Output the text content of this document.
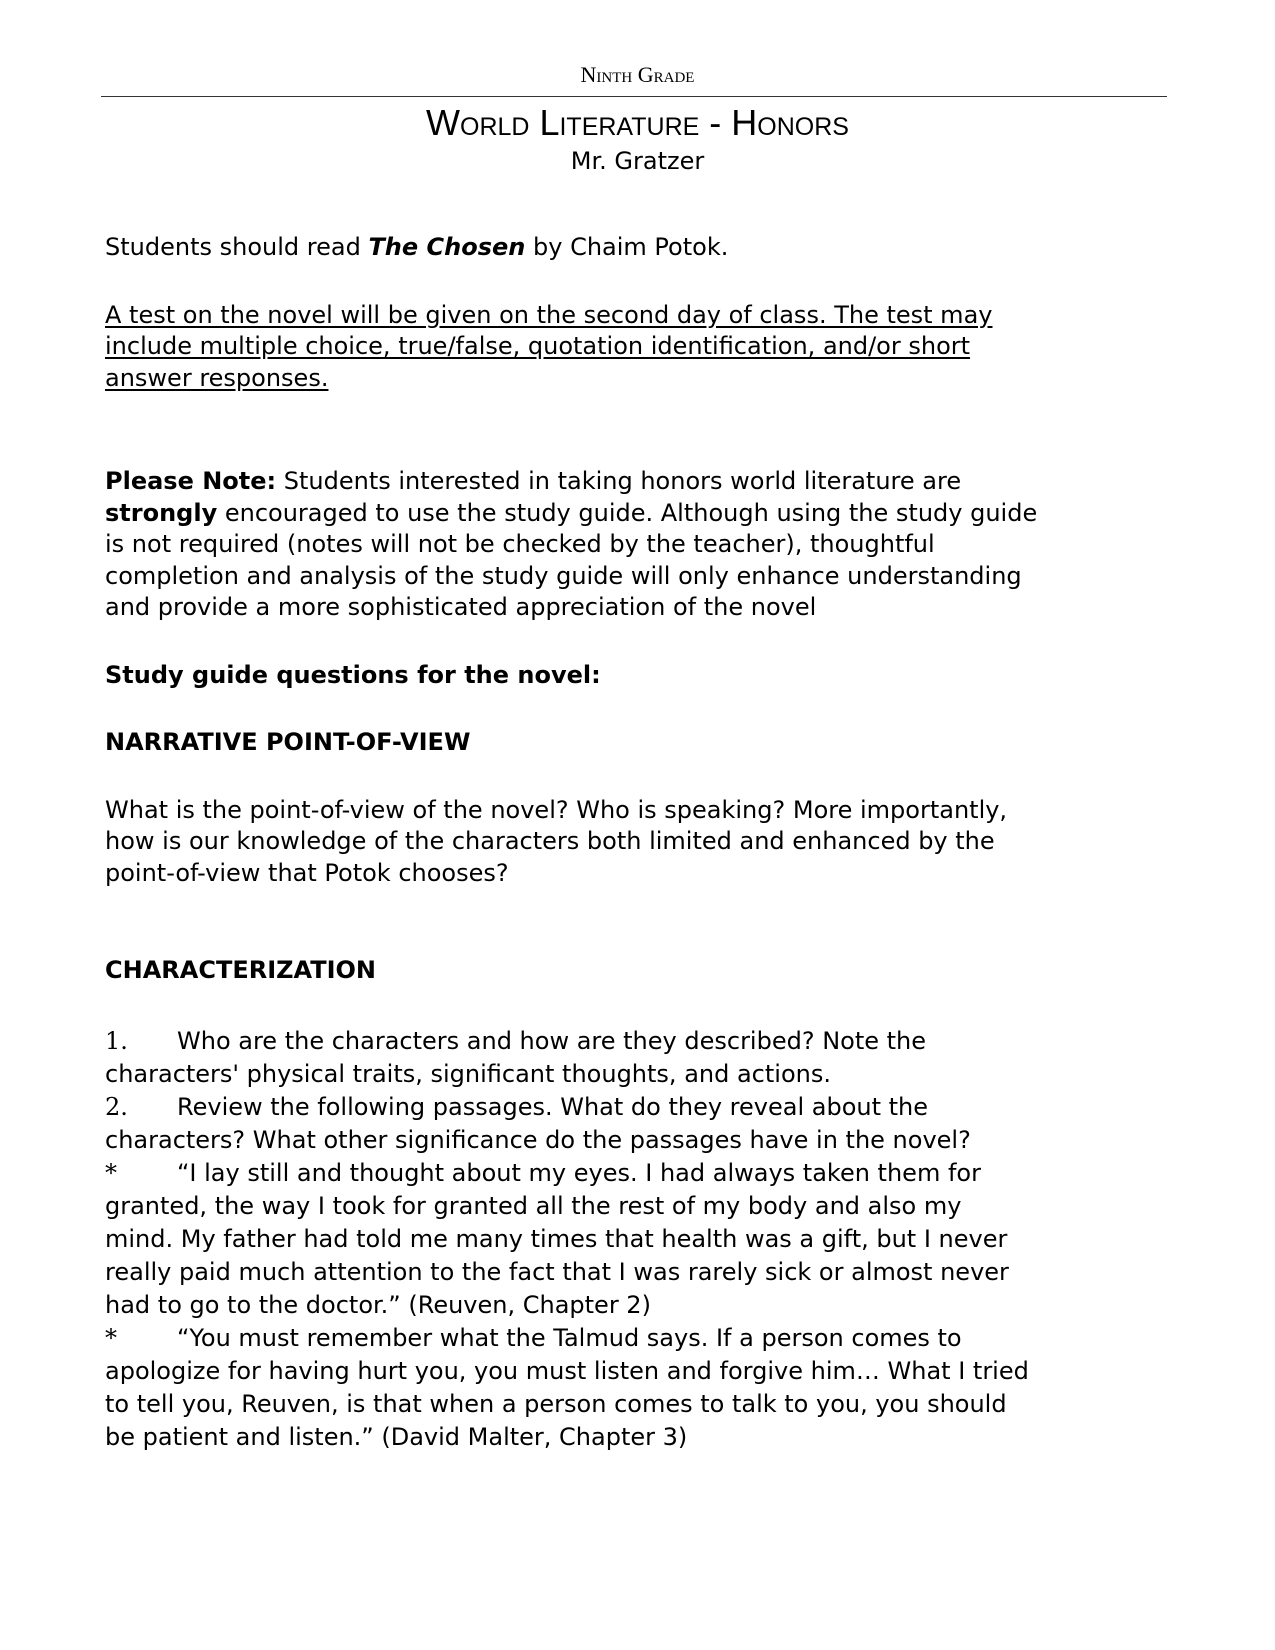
Ninth Grade
World Literature - Honors
Mr. Gratzer
Students should read The Chosen by Chaim Potok.
A test on the novel will be given on the second day of class. The test may
include multiple choice, true/false, quotation identification, and/or short
answer responses.
Please Note: Students interested in taking honors world literature are
strongly encouraged to use the study guide. Although using the study guide
is not required (notes will not be checked by the teacher), thoughtful
completion and analysis of the study guide will only enhance understanding
and provide a more sophisticated appreciation of the novel
Study guide questions for the novel:
NARRATIVE POINT-OF-VIEW
What is the point-of-view of the novel? Who is speaking? More importantly,
how is our knowledge of the characters both limited and enhanced by the
point-of-view that Potok chooses?
CHARACTERIZATION
1. Who are the characters and how are they described? Note the
characters' physical traits, significant thoughts, and actions.
2. Review the following passages. What do they reveal about the
characters? What other significance do the passages have in the novel?
*	“I lay still and thought about my eyes. I had always taken them for
granted, the way I took for granted all the rest of my body and also my
mind. My father had told me many times that health was a gift, but I never
really paid much attention to the fact that I was rarely sick or almost never
had to go to the doctor.” (Reuven, Chapter 2)
*	“You must remember what the Talmud says. If a person comes to
apologize for having hurt you, you must listen and forgive him… What I tried
to tell you, Reuven, is that when a person comes to talk to you, you should
be patient and listen.” (David Malter, Chapter 3)
